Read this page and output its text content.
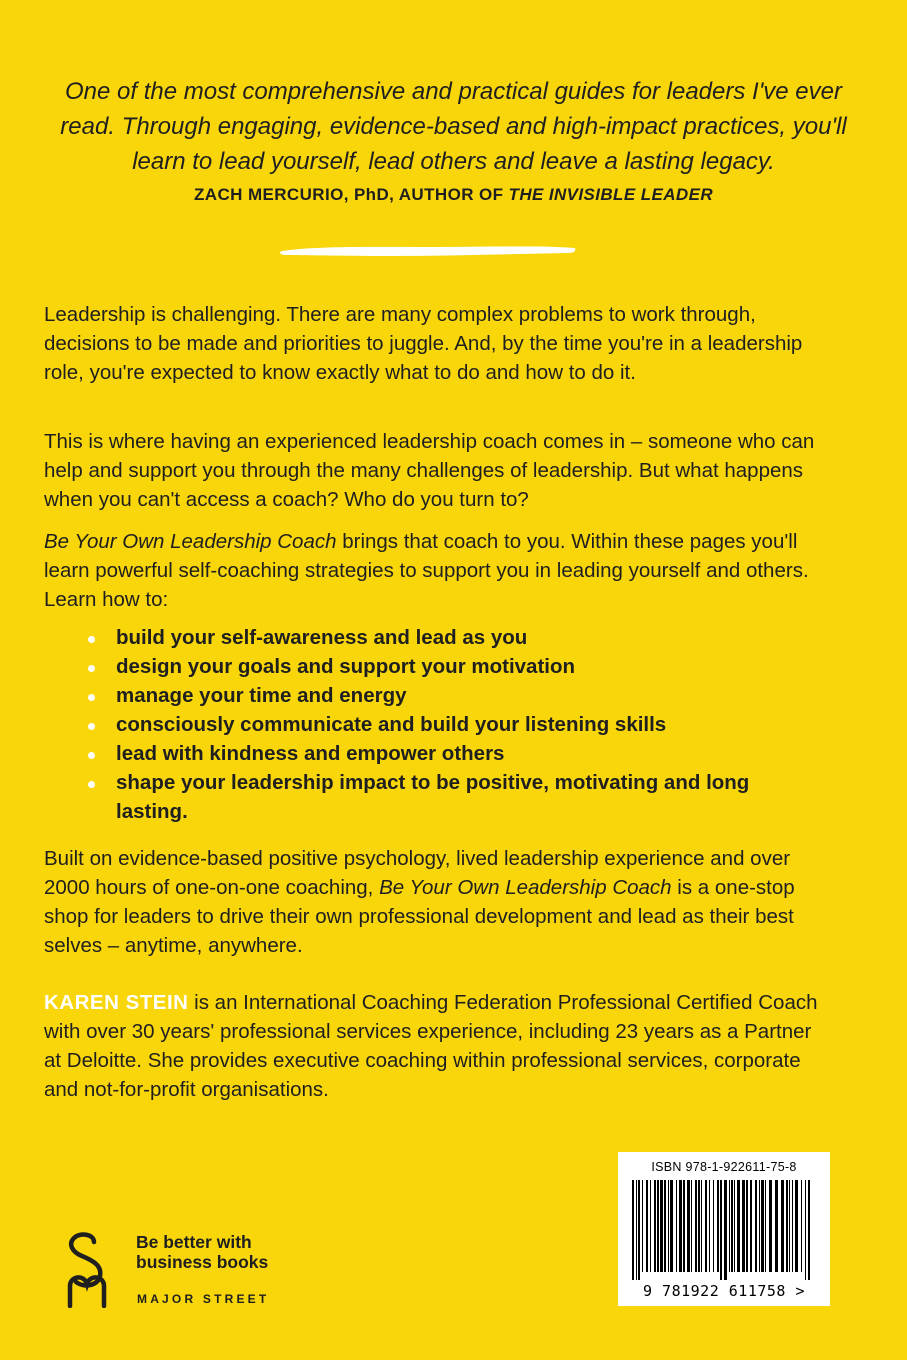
One of the most comprehensive and practical guides for leaders I've ever read. Through engaging, evidence-based and high-impact practices, you'll learn to lead yourself, lead others and leave a lasting legacy.
ZACH MERCURIO, PhD, AUTHOR OF THE INVISIBLE LEADER

Leadership is challenging. There are many complex problems to work through, decisions to be made and priorities to juggle. And, by the time you're in a leadership role, you're expected to know exactly what to do and how to do it.

This is where having an experienced leadership coach comes in – someone who can help and support you through the many challenges of leadership. But what happens when you can't access a coach? Who do you turn to?

Be Your Own Leadership Coach brings that coach to you. Within these pages you'll learn powerful self-coaching strategies to support you in leading yourself and others. Learn how to:

build your self-awareness and lead as you
design your goals and support your motivation
manage your time and energy
consciously communicate and build your listening skills
lead with kindness and empower others
shape your leadership impact to be positive, motivating and long lasting.

Built on evidence-based positive psychology, lived leadership experience and over 2000 hours of one-on-one coaching, Be Your Own Leadership Coach is a one-stop shop for leaders to drive their own professional development and lead as their best selves – anytime, anywhere.

KAREN STEIN is an International Coaching Federation Professional Certified Coach with over 30 years' professional services experience, including 23 years as a Partner at Deloitte. She provides executive coaching within professional services, corporate and not-for-profit organisations.

Be better with
business books
MAJOR STREET
ISBN 978-1-922611-75-8
9 781922 611758 >
